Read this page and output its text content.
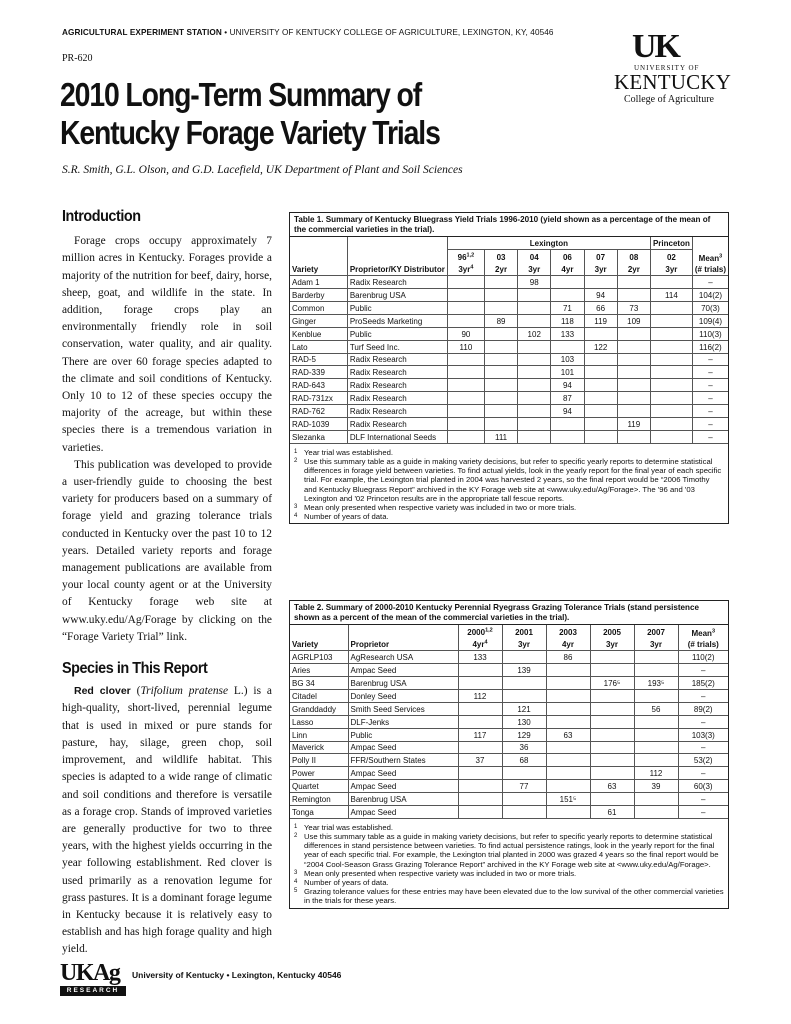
AGRICULTURAL EXPERIMENT STATION • UNIVERSITY OF KENTUCKY COLLEGE OF AGRICULTURE, LEXINGTON, KY, 40546
PR-620
2010 Long-Term Summary of
Kentucky Forage Variety Trials
S.R. Smith, G.L. Olson, and G.D. Lacefield, UK Department of Plant and Soil Sciences
UK
UNIVERSITY OF
KENTUCKY
College of Agriculture
Introduction

Forage crops occupy approximately 7 million acres in Kentucky. Forages provide a majority of the nutrition for beef, dairy, horse, sheep, goat, and wildlife in the state. In addition, forage crops play an environmentally friendly role in soil conservation, water quality, and air quality. There are over 60 forage species adapted to the climate and soil conditions of Kentucky. Only 10 to 12 of these species occupy the majority of the acreage, but within these species there is a tremendous variation in varieties.

This publication was developed to provide a user-friendly guide to choosing the best variety for producers based on a summary of forage yield and grazing tolerance trials conducted in Kentucky over the past 10 to 12 years. Detailed variety reports and forage management publications are available from your local county agent or at the University of Kentucky forage web site at www.uky.edu/Ag/Forage by clicking on the “Forage Variety Trial” link.

Species in This Report

Red clover (Trifolium pratense L.) is a high-quality, short-lived, perennial legume that is used in mixed or pure stands for pasture, hay, silage, green chop, soil improvement, and wildlife habitat. This species is adapted to a wide range of climatic and soil conditions and therefore is versatile as a forage crop. Stands of improved varieties are generally productive for two to three years, with the highest yields occurring in the year following establishment. Red clover is used primarily as a renovation legume for grass pastures. It is a dominant forage legume in Kentucky because it is relatively easy to establish and has high forage quality and high yield.

Table 1. Summary of Kentucky Bluegrass Yield Trials 1996-2010 (yield shown as a percentage of the mean of the commercial varieties in the trial).
Variety	Proprietor/KY Distributor	Lexington						Princeton	Mean$^3$
(# trials)
		96$^{1,2}$	03	04	06	07	08	02	
		$3yr^4$	2yr	3yr	4yr	3yr	2yr	3yr	
Adam 1	Radix Research			98					–
Barderby	Barenbrug USA					94		114	104(2)
Common	Public				71	66	73		70(3)
Ginger	ProSeeds Marketing		89		118	119	109		109(4)
Kenblue	Public	90		102	133				110(3)
Lato	Turf Seed Inc.	110				122			116(2)
RAD-5	Radix Research				103				–
RAD-339	Radix Research				101				–
RAD-643	Radix Research				94				–
RAD-731zx	Radix Research				87				–
RAD-762	Radix Research				94				–
RAD-1039	Radix Research						119		–
Slezanka	DLF International Seeds		111						–
1 Year trial was established.
2 Use this summary table as a guide in making variety decisions, but refer to specific yearly reports to determine statistical differences in forage yield between varieties. To find actual yields, look in the yearly report for the final year of each specific trial. For example, the Lexington trial planted in 2004 was harvested 2 years, so the final report would be “2006 Timothy and Kentucky Bluegrass Report” archived in the KY Forage web site at <www.uky.edu/Ag/Forage>. The '96 and '03 Lexington and '02 Princeton results are in the appropriate tall fescue reports.
3 Mean only presented when respective variety was included in two or more trials.
4 Number of years of data.
Table 2. Summary of 2000-2010 Kentucky Perennial Ryegrass Grazing Tolerance Trials (stand persistence shown as a percent of the mean of the commercial varieties in the trial).
Variety	Proprietor	2000$^{1,2}$	2001	2003	2005	2007	Mean$^3$
(# trials)
		$4yr^4$	3yr	4yr	3yr	3yr	
AGRLP103	AgResearch USA	133		86			110(2)
Aries	Ampac Seed		139				–
BG 34	Barenbrug USA				176⁵	193⁵	185(2)
Citadel	Donley Seed	112					–
Granddaddy	Smith Seed Services		121			56	89(2)
Lasso	DLF-Jenks		130				–
Linn	Public	117	129	63			103(3)
Maverick	Ampac Seed		36				–
Polly II	FFR/Southern States	37	68				53(2)
Power	Ampac Seed					112	–
Quartet	Ampac Seed		77		63	39	60(3)
Remington	Barenbrug USA			151⁵			–
Tonga	Ampac Seed				61		–
1 Year trial was established.
2 Use this summary table as a guide in making variety decisions, but refer to specific yearly reports to determine statistical differences in stand persistence between varieties. To find actual persistence ratings, look in the yearly report for the final year of each specific trial. For example, the Lexington trial planted in 2000 was grazed 4 years so the final report would be “2004 Cool-Season Grass Grazing Tolerance Report” archived in the KY Forage web site at <www.uky.edu/Ag/Forage>.
3 Mean only presented when respective variety was included in two or more trials.
4 Number of years of data.
5 Grazing tolerance values for these entries may have been elevated due to the low survival of the other commercial varieties in the trials for these years.
UKAg
RESEARCH
University of Kentucky • Lexington, Kentucky 40546
